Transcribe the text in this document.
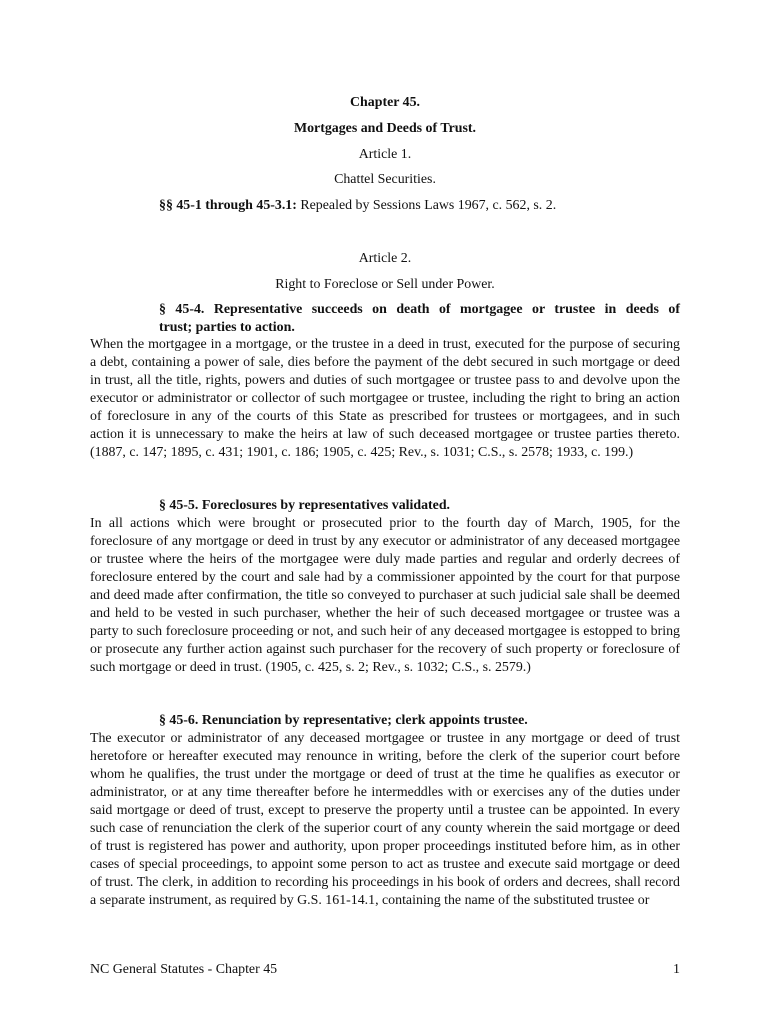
Chapter 45.
Mortgages and Deeds of Trust.
Article 1.
Chattel Securities.
§§ 45-1 through 45-3.1: Repealed by Sessions Laws 1967, c. 562, s. 2.
Article 2.
Right to Foreclose or Sell under Power.
§ 45-4. Representative succeeds on death of mortgagee or trustee in deeds of
trust; parties to action.
When the mortgagee in a mortgage, or the trustee in a deed in trust, executed for the purpose of securing a debt, containing a power of sale, dies before the payment of the debt secured in such mortgage or deed in trust, all the title, rights, powers and duties of such mortgagee or trustee pass to and devolve upon the executor or administrator or collector of such mortgagee or trustee, including the right to bring an action of foreclosure in any of the courts of this State as prescribed for trustees or mortgagees, and in such action it is unnecessary to make the heirs at law of such deceased mortgagee or trustee parties thereto. (1887, c. 147; 1895, c. 431; 1901, c. 186; 1905, c. 425; Rev., s. 1031; C.S., s. 2578; 1933, c. 199.)
§ 45-5. Foreclosures by representatives validated.
In all actions which were brought or prosecuted prior to the fourth day of March, 1905, for the foreclosure of any mortgage or deed in trust by any executor or administrator of any deceased mortgagee or trustee where the heirs of the mortgagee were duly made parties and regular and orderly decrees of foreclosure entered by the court and sale had by a commissioner appointed by the court for that purpose and deed made after confirmation, the title so conveyed to purchaser at such judicial sale shall be deemed and held to be vested in such purchaser, whether the heir of such deceased mortgagee or trustee was a party to such foreclosure proceeding or not, and such heir of any deceased mortgagee is estopped to bring or prosecute any further action against such purchaser for the recovery of such property or foreclosure of such mortgage or deed in trust. (1905, c. 425, s. 2; Rev., s. 1032; C.S., s. 2579.)
§ 45-6. Renunciation by representative; clerk appoints trustee.
The executor or administrator of any deceased mortgagee or trustee in any mortgage or deed of trust heretofore or hereafter executed may renounce in writing, before the clerk of the superior court before whom he qualifies, the trust under the mortgage or deed of trust at the time he qualifies as executor or administrator, or at any time thereafter before he intermeddles with or exercises any of the duties under said mortgage or deed of trust, except to preserve the property until a trustee can be appointed. In every such case of renunciation the clerk of the superior court of any county wherein the said mortgage or deed of trust is registered has power and authority, upon proper proceedings instituted before him, as in other cases of special proceedings, to appoint some person to act as trustee and execute said mortgage or deed of trust. The clerk, in addition to recording his proceedings in his book of orders and decrees, shall record a separate instrument, as required by G.S. 161-14.1, containing the name of the substituted trustee or
NC General Statutes - Chapter 45	1
